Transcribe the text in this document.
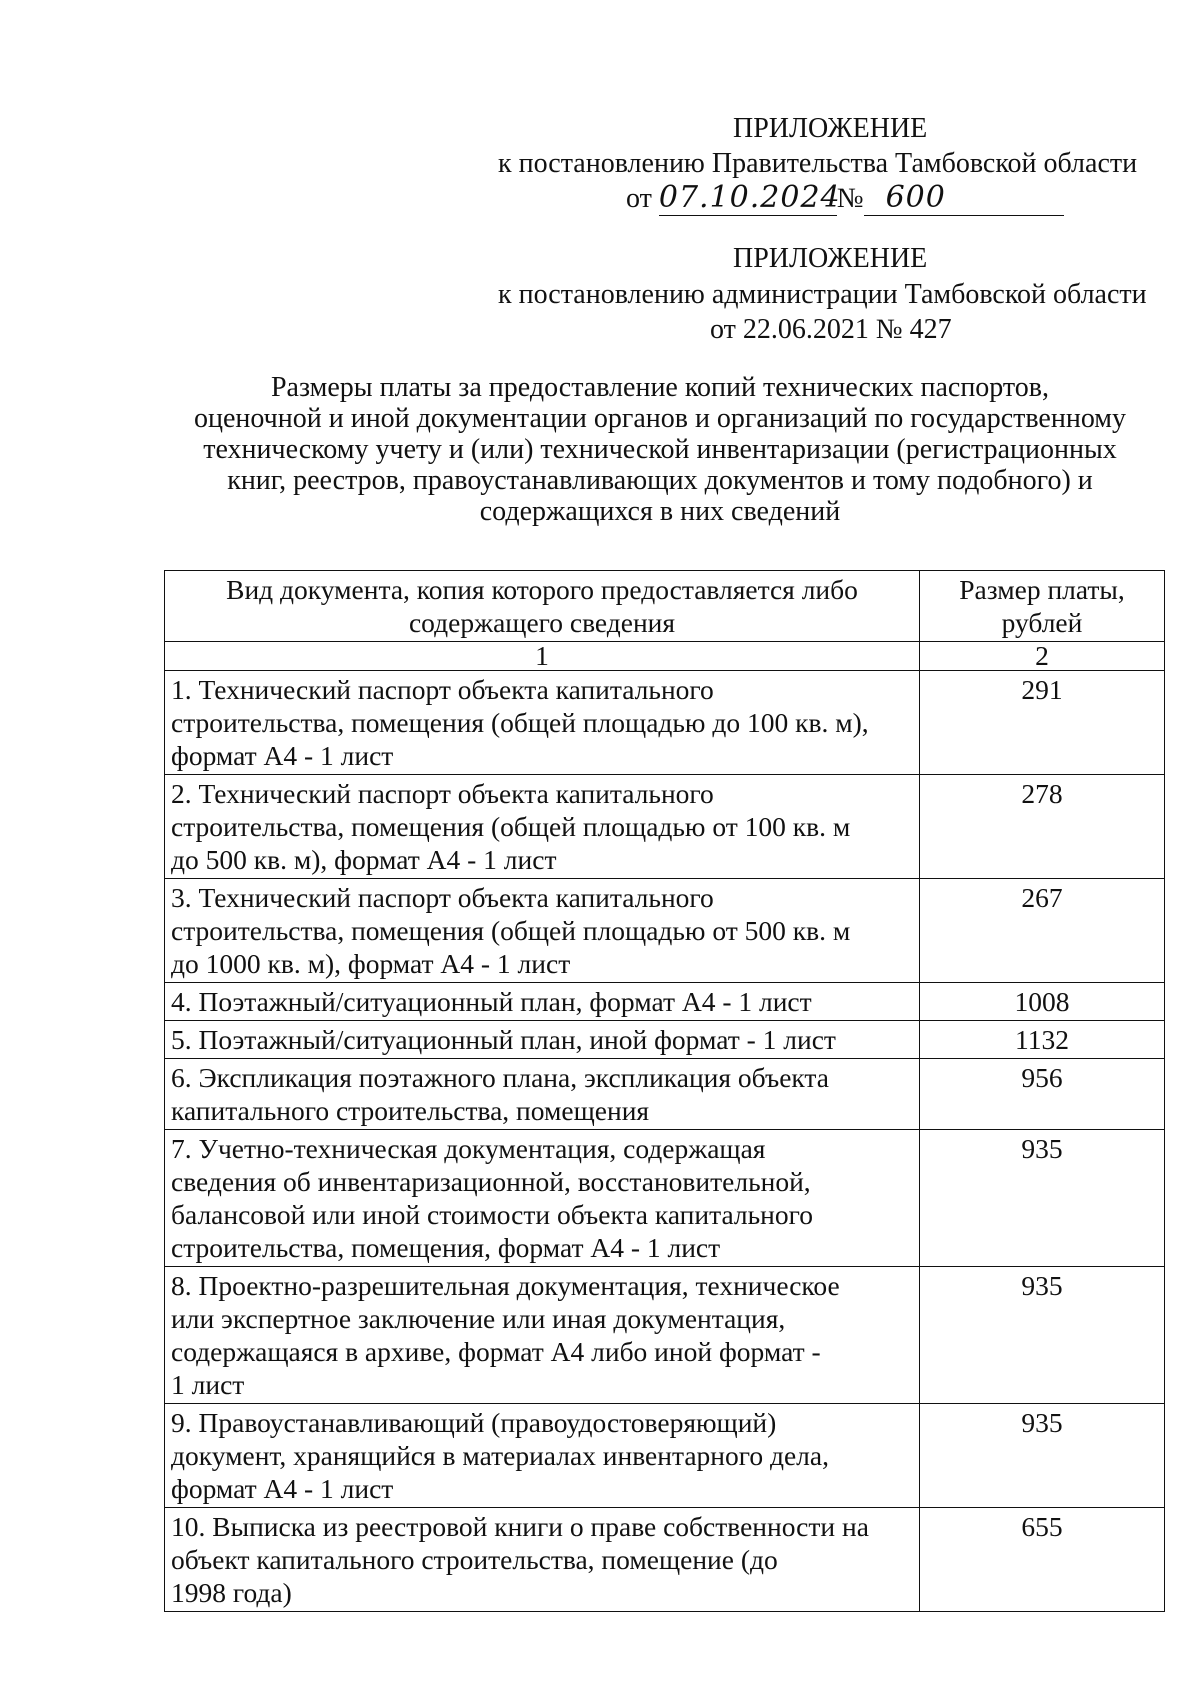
ПРИЛОЖЕНИЕ
к постановлению Правительства Тамбовской области
от 07.10.2024№ 600
ПРИЛОЖЕНИЕ
к постановлению администрации Тамбовской области
от 22.06.2021 № 427
Размеры платы за предоставление копий технических паспортов,
оценочной и иной документации органов и организаций по государственному
техническому учету и (или) технической инвентаризации (регистрационных
книг, реестров, правоустанавливающих документов и тому подобного) и
содержащихся в них сведений
Вид документа, копия которого предоставляется либо
содержащего сведения	Размер платы,
рублей

1	2

1. Технический паспорт объекта капитального
строительства, помещения (общей площадью до 100 кв. м),
формат А4 - 1 лист	291

2. Технический паспорт объекта капитального
строительства, помещения (общей площадью от 100 кв. м
до 500 кв. м), формат А4 - 1 лист	278

3. Технический паспорт объекта капитального
строительства, помещения (общей площадью от 500 кв. м
до 1000 кв. м), формат А4 - 1 лист	267

4. Поэтажный/ситуационный план, формат А4 - 1 лист	1008

5. Поэтажный/ситуационный план, иной формат - 1 лист	1132

6. Экспликация поэтажного плана, экспликация объекта
капитального строительства, помещения	956

7. Учетно-техническая документация, содержащая
сведения об инвентаризационной, восстановительной,
балансовой или иной стоимости объекта капитального
строительства, помещения, формат А4 - 1 лист	935

8. Проектно-разрешительная документация, техническое
или экспертное заключение или иная документация,
содержащаяся в архиве, формат А4 либо иной формат -
1 лист	935

9. Правоустанавливающий (правоудостоверяющий)
документ, хранящийся в материалах инвентарного дела,
формат А4 - 1 лист	935

10. Выписка из реестровой книги о праве собственности на
объект капитального строительства, помещение (до
1998 года)	655
